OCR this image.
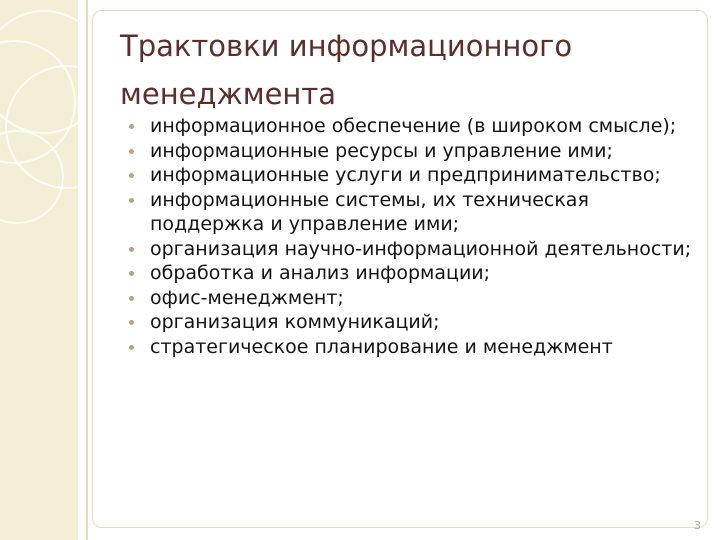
Трактовки информационного менеджмента
информационное обеспечение (в широком смысле);
информационные ресурсы и управление ими;
информационные услуги и предпринимательство;
информационные системы, их техническая поддержка и управление ими;
организация научно-информационной деятельности;
обработка и анализ информации;
офис-менеджмент;
организация коммуникаций;
стратегическое планирование и менеджмент
3
